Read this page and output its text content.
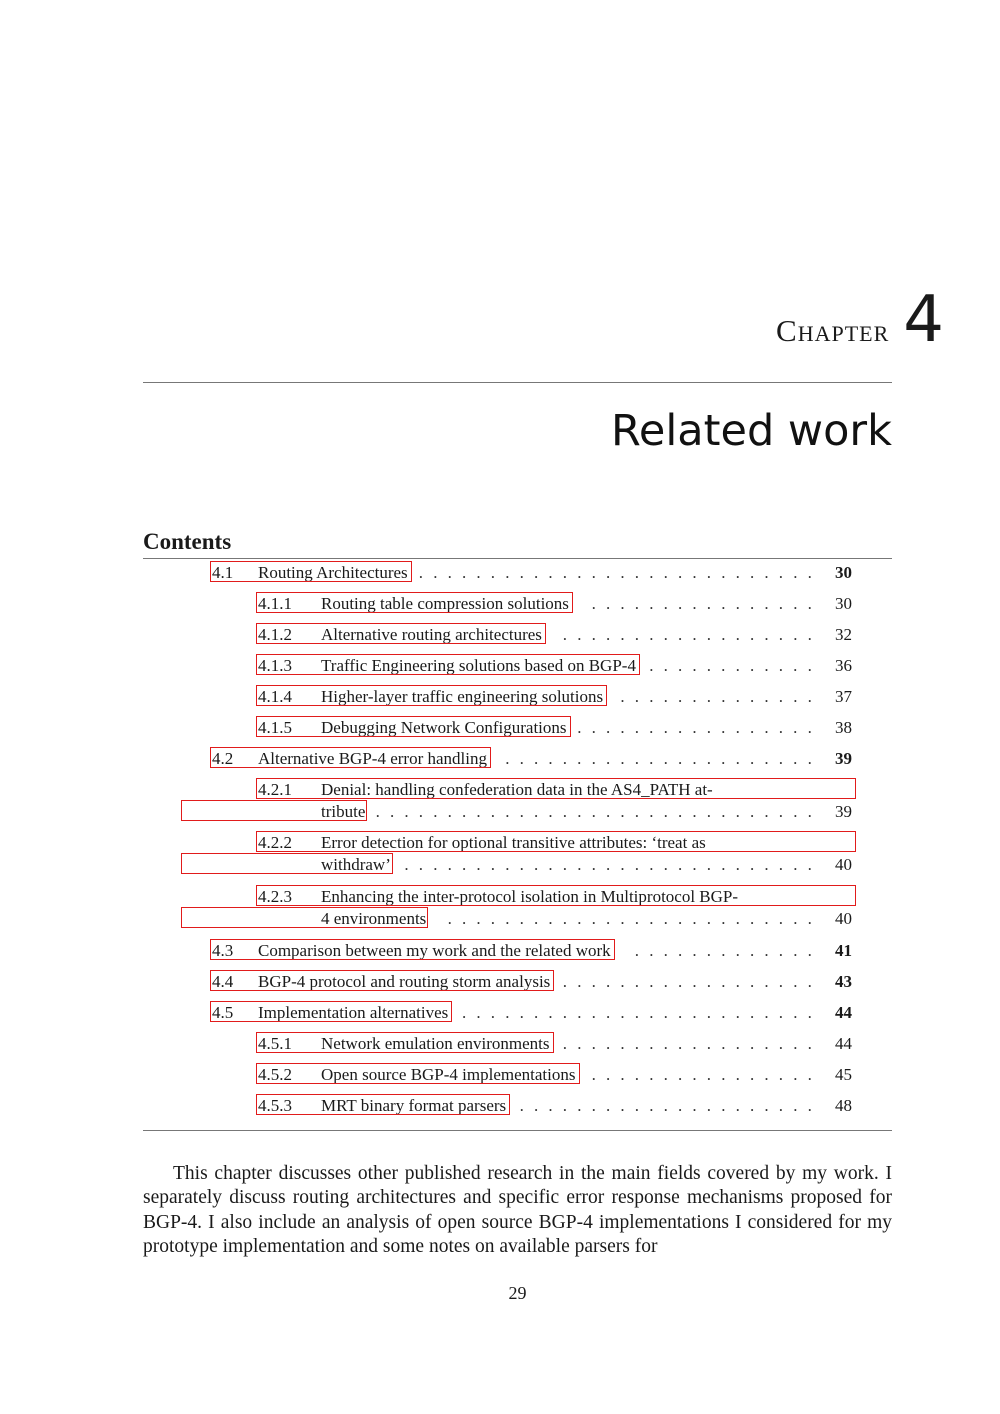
Chapter 4
Related work
Contents
4.1 Routing Architectures ............................ 30
4.1.1 Routing table compression solutions ................ 30
4.1.2 Alternative routing architectures .................. 32
4.1.3 Traffic Engineering solutions based on BGP-4 ............ 36
4.1.4 Higher-layer traffic engineering solutions .............. 37
4.1.5 Debugging Network Configurations ................. 38
4.2 Alternative BGP-4 error handling ...................... 39
4.2.1 Denial: handling confederation data in the AS4_PATH at-
tribute ............................... 39
4.2.2 Error detection for optional transitive attributes: ‘treat as
withdraw’ ............................. 40
4.2.3 Enhancing the inter-protocol isolation in Multiprotocol BGP-
4 environments .......................... 40
4.3 Comparison between my work and the related work ............. 41
4.4 BGP-4 protocol and routing storm analysis .................. 43
4.5 Implementation alternatives ......................... 44
4.5.1 Network emulation environments .................. 44
4.5.2 Open source BGP-4 implementations ................ 45
4.5.3 MRT binary format parsers ..................... 48
This chapter discusses other published research in the main fields covered by my work. I separately discuss routing architectures and specific error response mechanisms proposed for BGP-4. I also include an analysis of open source BGP-4 implementations I considered for my prototype implementation and some notes on available parsers for
29
